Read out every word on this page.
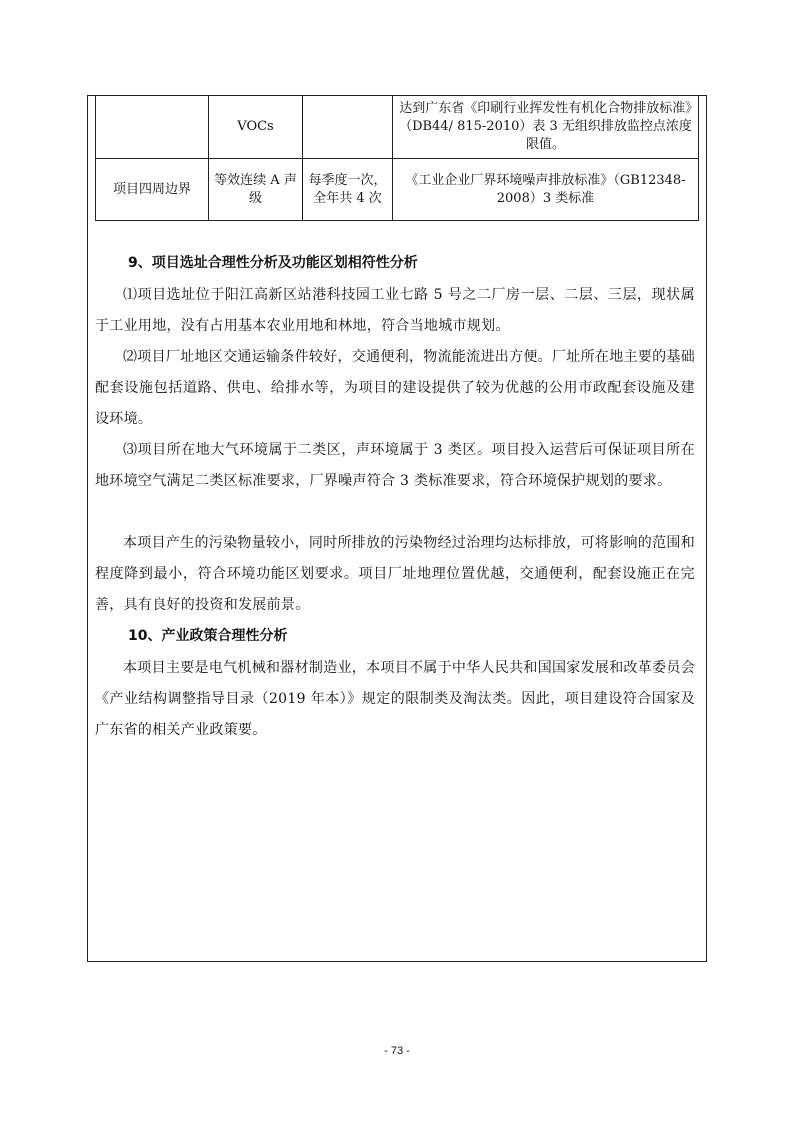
	VOCs		达到广东省《印刷行业挥发性有机化合物排放标准》（DB44/ 815-2010）表 3 无组织排放监控点浓度限值。
项目四周边界	等效连续 A 声级	每季度一次，全年共 4 次	《工业企业厂界环境噪声排放标准》（GB12348-2008）3 类标准
9、项目选址合理性分析及功能区划相符性分析

⑴项目选址位于阳江高新区站港科技园工业七路 5 号之二厂房一层、二层、三层，现状属于工业用地，没有占用基本农业用地和林地，符合当地城市规划。

⑵项目厂址地区交通运输条件较好，交通便利，物流能流进出方便。厂址所在地主要的基础配套设施包括道路、供电、给排水等，为项目的建设提供了较为优越的公用市政配套设施及建设环境。

⑶项目所在地大气环境属于二类区，声环境属于 3 类区。项目投入运营后可保证项目所在地环境空气满足二类区标准要求，厂界噪声符合 3 类标准要求，符合环境保护规划的要求。

本项目产生的污染物量较小，同时所排放的污染物经过治理均达标排放，可将影响的范围和程度降到最小，符合环境功能区划要求。项目厂址地理位置优越，交通便利，配套设施正在完善，具有良好的投资和发展前景。

10、产业政策合理性分析

本项目主要是电气机械和器材制造业，本项目不属于中华人民共和国国家发展和改革委员会《产业结构调整指导目录（2019 年本）》规定的限制类及淘汰类。因此，项目建设符合国家及广东省的相关产业政策要。

- 73 -
